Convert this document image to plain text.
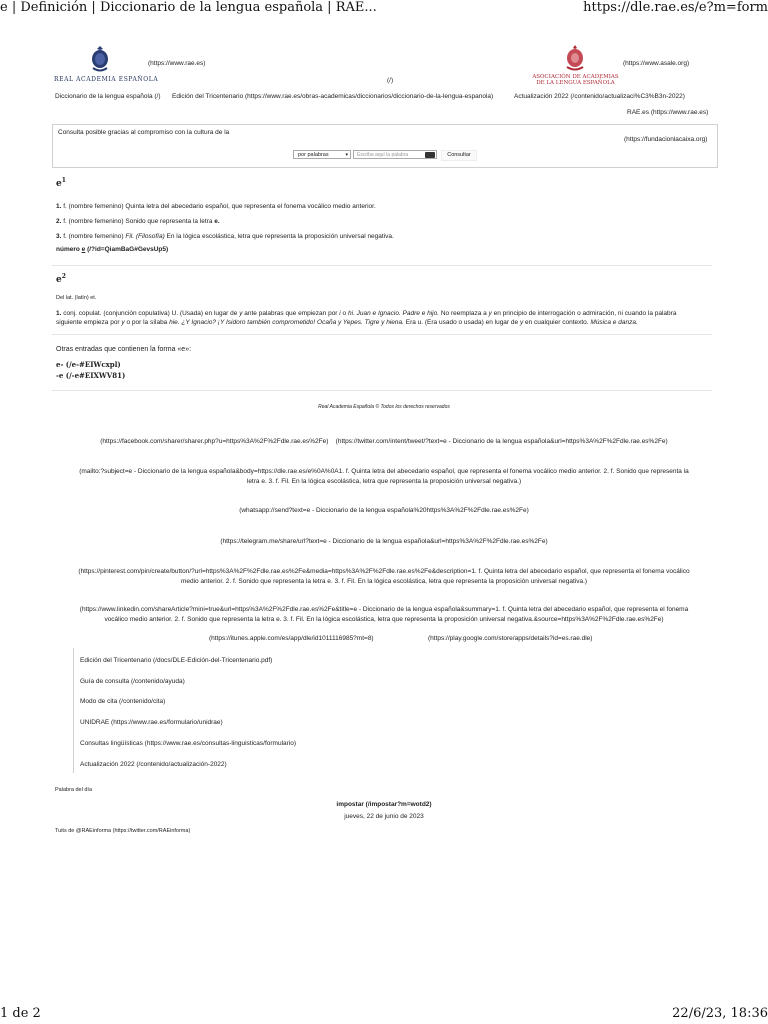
e | Definición | Diccionario de la lengua española | RAE...	https://dle.rae.es/e?m=form
REAL ACADEMIA ESPAÑOLA
(https://www.rae.es)
(/)	ASOCIACIÓN DE ACADEMIAS DE LA LENGUA ESPAÑOLA
(https://www.asale.org)
Diccionario de la lengua española (/) Edición del Tricentenario (https://www.rae.es/obras-academicas/diccionarios/diccionario-de-la-lengua-espanola)	Actualización 2022 (/contenido/actualizaci%C3%B3n-2022)
RAE.es (https://www.rae.es)
Consulta posible gracias al compromiso con la cultura de la
(https://fundacionlacaixa.org)
por palabras	▾	Escriba aquí la palabra	Consultar
$e^1$
1. f. (nombre femenino) Quinta letra del abecedario español, que representa el fonema vocálico medio anterior.
2. f. (nombre femenino) Sonido que representa la letra e.
3. f. (nombre femenino) Fil. (Filosofía) En la lógica escolástica, letra que representa la proposición universal negativa.
número e (/?id=QiamBaG#GevsUp5)
$e^2$
Del lat. (latín) et.
1. conj. copulat. (conjunción copulativa) U. (Usada) en lugar de y ante palabras que empiezan por i o hi. Juan e Ignacio. Padre e hijo. No reemplaza a y en principio de interrogación o admiración, ni cuando la palabra
siguiente empieza por y o por la sílaba hie. ¿Y Ignacio? ¡Y Isidoro también comprometido! Ocaña y Yepes. Tigre y hiena. Era u. (Era usado o usada) en lugar de y en cualquier contexto. Música e danza.
Otras entradas que contienen la forma «e»:
e- (/e-#EIWcxpl)
-e (/-e#EIXWV81)
Real Academia Española © Todos los derechos reservados
(https://facebook.com/sharer/sharer.php?u=https%3A%2F%2Fdle.rae.es%2Fe) (https://twitter.com/intent/tweet/?text=e - Diccionario de la lengua española&url=https%3A%2F%2Fdle.rae.es%2Fe)
(mailto:?subject=e - Diccionario de la lengua española&body=https://dle.rae.es/e%0A%0A1. f. Quinta letra del abecedario español, que representa el fonema vocálico medio anterior. 2. f. Sonido que representa la
letra e. 3. f. Fil. En la lógica escolástica, letra que representa la proposición universal negativa.)
(whatsapp://send?text=e - Diccionario de la lengua española%20https%3A%2F%2Fdle.rae.es%2Fe)
(https://telegram.me/share/url?text=e - Diccionario de la lengua española&url=https%3A%2F%2Fdle.rae.es%2Fe)
(https://pinterest.com/pin/create/button/?url=https%3A%2F%2Fdle.rae.es%2Fe&media=https%3A%2F%2Fdle.rae.es%2Fe&description=1. f. Quinta letra del abecedario español, que representa el fonema vocálico
medio anterior. 2. f. Sonido que representa la letra e. 3. f. Fil. En la lógica escolástica, letra que representa la proposición universal negativa.)
(https://www.linkedin.com/shareArticle?mini=true&url=https%3A%2F%2Fdle.rae.es%2Fe&title=e - Diccionario de la lengua española&summary=1. f. Quinta letra del abecedario español, que representa el fonema
vocálico medio anterior. 2. f. Sonido que representa la letra e. 3. f. Fil. En la lógica escolástica, letra que representa la proposición universal negativa.&source=https%3A%2F%2Fdle.rae.es%2Fe)
(https://itunes.apple.com/es/app/dle/id1011116985?mt=8)	(https://play.google.com/store/apps/details?id=es.rae.dle)
Edición del Tricentenario (/docs/DLE-Edición-del-Tricentenario.pdf)
Guía de consulta (/contenido/ayuda)
Modo de cita (/contenido/cita)
UNIDRAE (https://www.rae.es/formulario/unidrae)
Consultas lingüísticas (https://www.rae.es/consultas-linguisticas/formulario)
Actualización 2022 (/contenido/actualización-2022)
Palabra del día
impostar (/impostar?m=wotd2)
jueves, 22 de junio de 2023
Tuits de @RAEinforma (https://twitter.com/RAEinforma)
1 de 2	22/6/23, 18:36
